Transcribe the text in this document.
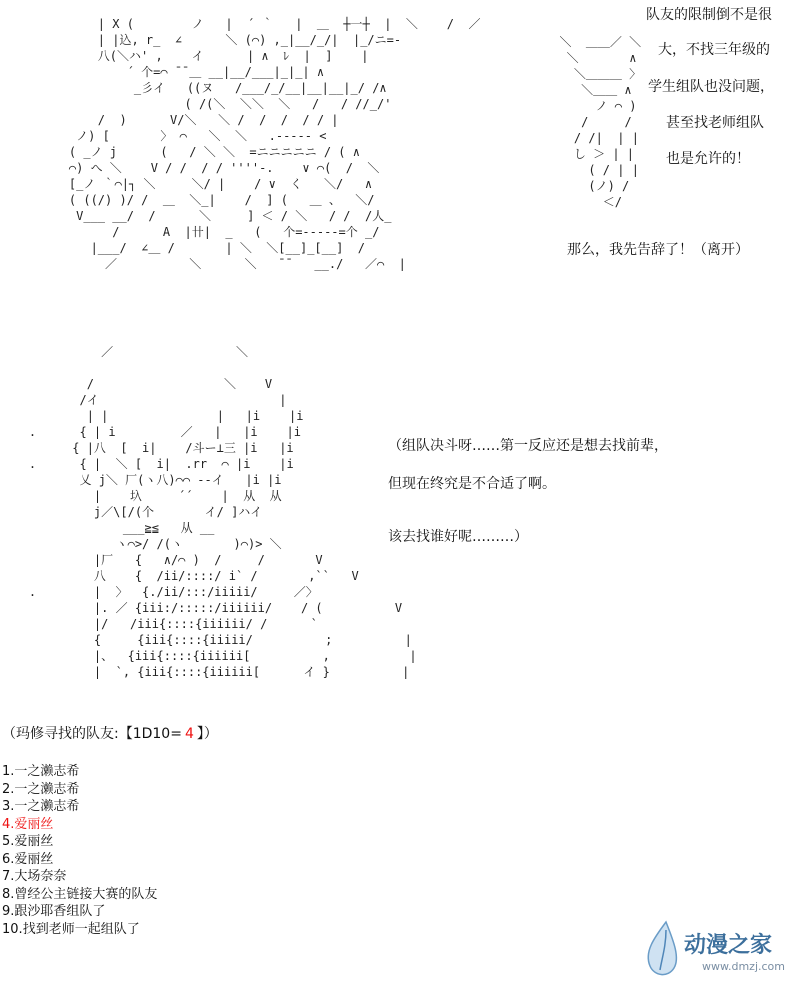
| X (        ノ   |  ´ ｀   |  ＿  ┼一┼  |  ＼    /  ／
| |込, r_  ∠      ＼ (⌒) ,_|__/_/|  |_/ニ=-
八(＼ハ' ,    イ      | ∧  ﾚ  |  ]    |
´ 个=⌒ ̄ ̄ ＿ __|__/___|_|_| ∧
_彡イ   ((ヌ   /___/_/__|__|__|_/ /∧
( /(＼  ＼＼  ＼   /   / //_/'
/  )      V/＼   ＼ /  /  /  / / |
ノ) [       〉 ⌒   ＼  ＼   .----- <
( _ノ j      (   / ＼ ＼  =ニニニニニ / ( ∧
⌒) へ ＼    V / /  / / ''''-.    ∨ ⌒(  /  ＼
[_ノ ｀⌒|┐ ＼     ＼/ |    / ∨  く   ＼/   ∧
( ((/) )/ /  ＿  ＼_|    /  ] (   ＿ 、  ＼/
V___ __/  /      ＼     ] ＜ / ＼   / /  /人_
/      A  |卄|  _   (   个=-----=个 _/
|___/  ∠＿ /       | ＼  ＼[__]_[__]  /
／          ＼      ＼   ̄ ̄    __./   ／⌒  |

＼  ＿＿／ ＼
＼       ∧
＼＿＿＿ 〉
＼＿＿ ∧
ノ ⌒ )
/     /
/ /|  | |
し ＞ | |
( / | |
(ノ) /
＜/

队友的限制倒不是很
大，不找三年级的
学生组队也没问题，
甚至找老师组队
也是允许的！
那么，我先告辞了！（离开）

／                 ＼

/                  ＼    V
/イ                         |
| |               |   |i    |i
.      { | i         ／   |   |i    |i
{ |八  [  i|    /斗ー⊥三 |i   |i
.      { |  ＼ [  i|  .rr  ⌒ |i    |i
乂 j＼ 厂(ヽ八)⌒⌒ --イ   |i |i
|    圦     ´´    |  从  从
j／\[/(个       イ/ ]ハイ
___≧≦   从 __
ヽ⌒>/ /(ヽ       )⌒)> ＼
|厂   {   ∧/⌒ )  /     /       V
八    {  /ii/::::/ i` /       ,``   V
.        |  〉  {./ii/:::/iiiii/     ／〉
|. ／ {iii:/:::::/iiiiii/    / (          V
|/   /iii{::::{iiiiii/ /      `
{     {iii{::::{iiiii/          ;          |
|、  {iii{::::{iiiiii[          ,           |
|  `, {iii{::::{iiiiii[      イ }          |

（组队决斗呀……第一反应还是想去找前辈，
但现在终究是不合适了啊。
该去找谁好呢………）
（玛修寻找的队友:【1D10= 4 】）
1.一之濑志希
2.一之濑志希
3.一之濑志希
4.爱丽丝
5.爱丽丝
6.爱丽丝
7.大场奈奈
8.曾经公主链接大赛的队友
9.跟沙耶香组队了
10.找到老师一起组队了
动漫之家
www.dmzj.com
